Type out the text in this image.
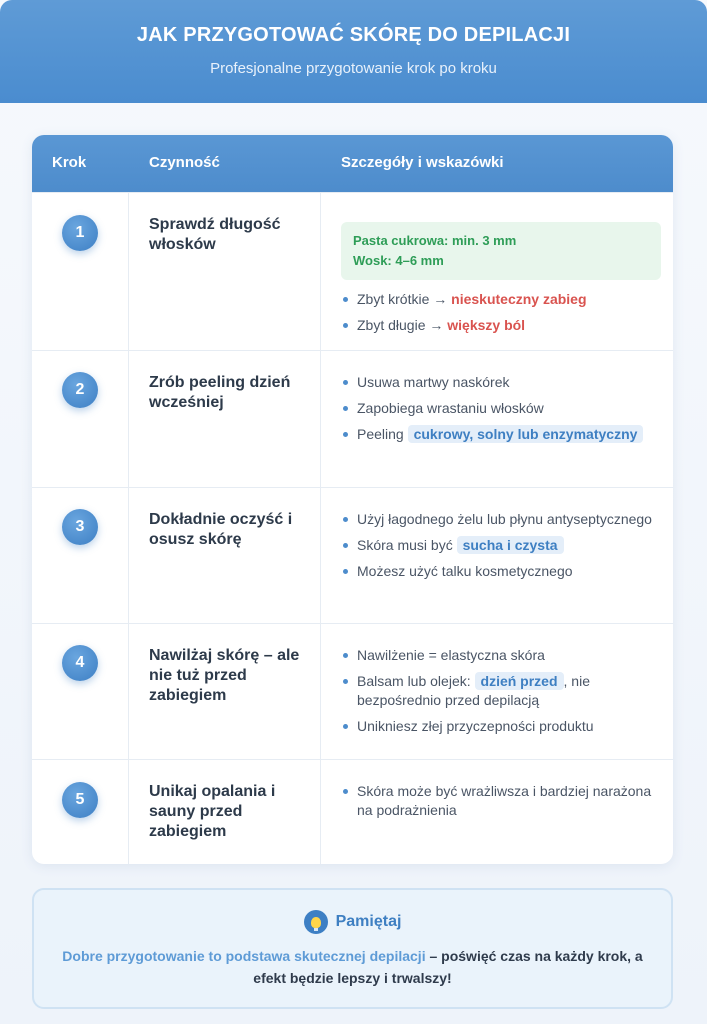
JAK PRZYGOTOWAĆ SKÓRĘ DO DEPILACJI
Profesjonalne przygotowanie krok po kroku
Krok	Czynność	Szczegóły i wskazówki
1	Sprawdź długość włosków	Pasta cukrowa: min. 3 mm
Wosk: 4–6 mm
Zbyt krótkie → nieskuteczny zabieg
Zbyt długie → większy ból
2	Zrób peeling dzień wcześniej
Usuwa martwy naskórek
Zapobiega wrastaniu włosków
Peeling cukrowy, solny lub enzymatyczny
3	Dokładnie oczyść i osusz skórę
Użyj łagodnego żelu lub płynu antyseptycznego
Skóra musi być sucha i czysta
Możesz użyć talku kosmetycznego
4	Nawilżaj skórę – ale nie tuż przed zabiegiem
Nawilżenie = elastyczna skóra
Balsam lub olejek: dzień przed , nie bezpośrednio przed depilacją
Unikniesz złej przyczepności produktu
5	Unikaj opalania i sauny przed zabiegiem
Skóra może być wrażliwsza i bardziej narażona na podrażnienia
Pamiętaj
Dobre przygotowanie to podstawa skutecznej depilacji – poświęć czas na każdy krok, a efekt będzie lepszy i trwalszy!
